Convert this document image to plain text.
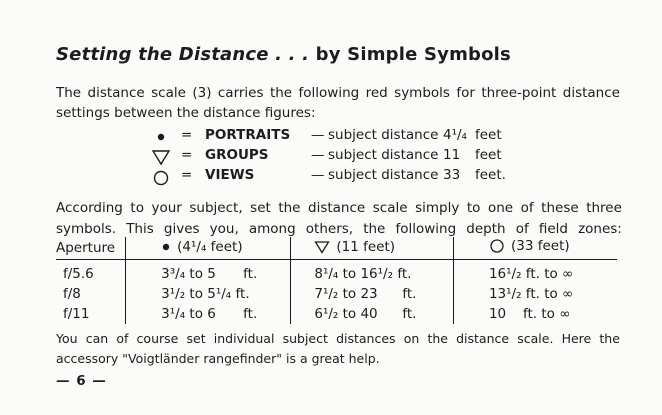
Setting the Distance . . . by Simple Symbols
The distance scale (3) carries the following red symbols for three-point distance
settings between the distance figures:
= PORTRAITS — subject distance 4¹/₄ feet
= GROUPS	— subject distance 11 feet
= VIEWS	— subject distance 33 feet.
According to your subject, set the distance scale simply to one of these three
symbols. This gives you, among others, the following depth of field zones:
Aperture	(4¹/₄ feet)	(11 feet)	(33 feet)

f/5.6	3³/₄ to 5 ft.	8¹/₄ to 16¹/₂ ft.	16¹/₂ ft. to ∞
f/8	3¹/₂ to 5¹/₄ ft.	7¹/₂ to 23 ft.	13¹/₂ ft. to ∞
f/11	3¹/₄ to 6 ft.	6¹/₂ to 40 ft.	10 ft. to ∞
You can of course set individual subject distances on the distance scale. Here the
accessory "Voigtländer rangefinder" is a great help.
— 6 —
